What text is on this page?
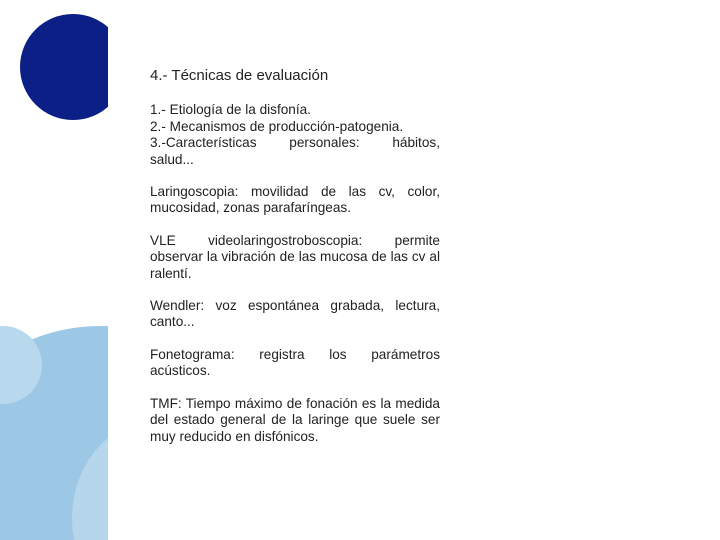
4.- Técnicas de evaluación

1.- Etiología de la disfonía.

2.- Mecanismos de producción-patogenia.

3.-Características personales: hábitos,

salud...

Laringoscopia: movilidad de las cv, color, mucosidad, zonas parafaríngeas.

VLE videolaringostroboscopia: permite

observar la vibración de las mucosa de las cv al ralentí.

Wendler: voz espontánea grabada, lectura, canto...

Fonetograma: registra los parámetros

acústicos.

TMF: Tiempo máximo de fonación es la medida del estado general de la laringe que suele ser muy reducido en disfónicos.
